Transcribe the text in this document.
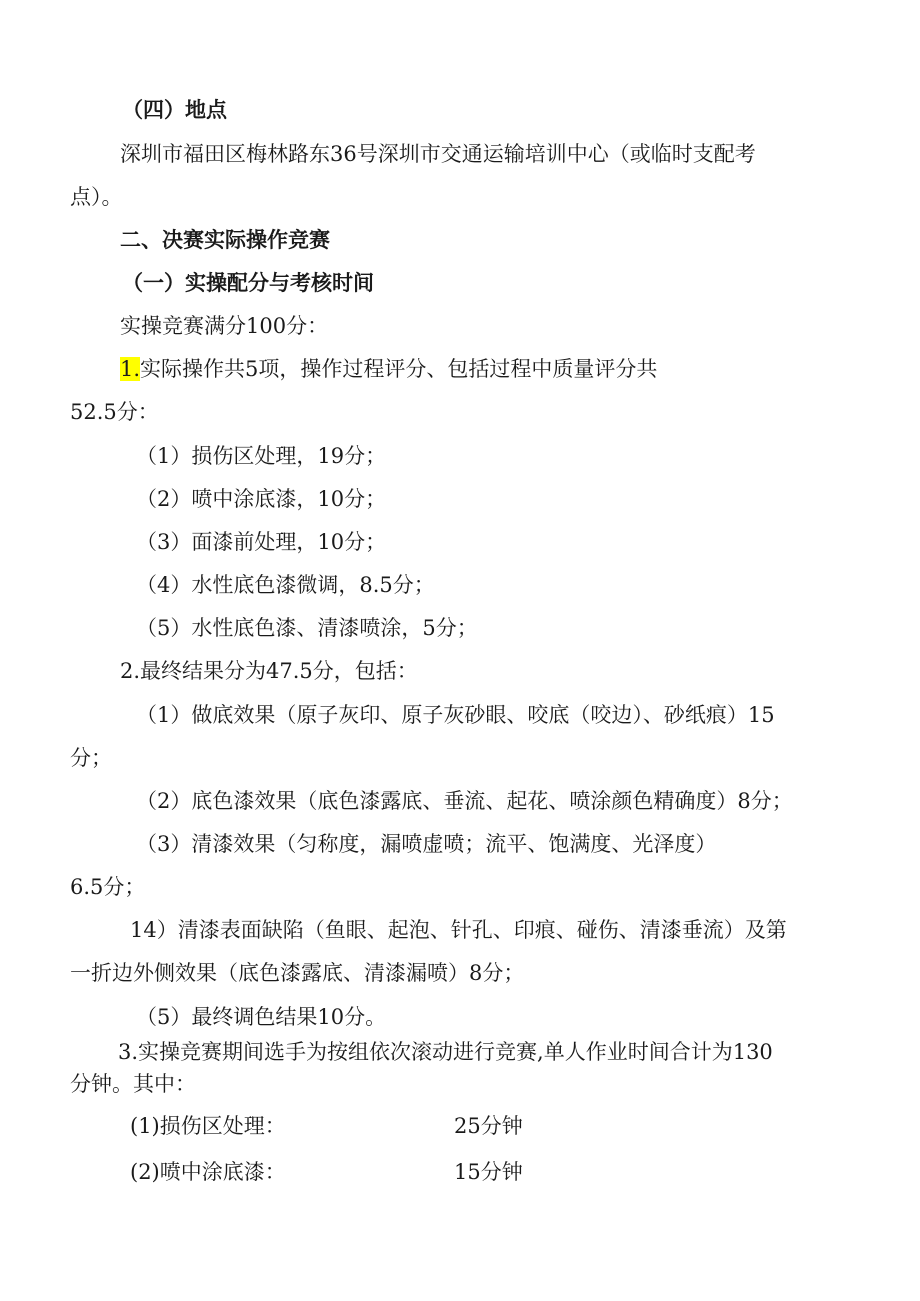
（四）地点
深圳市福田区梅林路东36号深圳市交通运输培训中心（或临时支配考
点）。
二、决赛实际操作竞赛
（一）实操配分与考核时间
实操竞赛满分100分：
1.实际操作共5项，操作过程评分、包括过程中质量评分共
52.5分：
（1）损伤区处理，19分；
（2）喷中涂底漆，10分；
（3）面漆前处理，10分；
（4）水性底色漆微调，8.5分；
（5）水性底色漆、清漆喷涂，5分；
2.最终结果分为47.5分，包括：
（1）做底效果（原子灰印、原子灰砂眼、咬底（咬边）、砂纸痕）15
分；
（2）底色漆效果（底色漆露底、垂流、起花、喷涂颜色精确度）8分；
（3）清漆效果（匀称度，漏喷虚喷；流平、饱满度、光泽度）
6.5分；
14）清漆表面缺陷（鱼眼、起泡、针孔、印痕、碰伤、清漆垂流）及第
一折边外侧效果（底色漆露底、清漆漏喷）8分；
（5）最终调色结果10分。
3.实操竞赛期间选手为按组依次滚动进行竞赛,单人作业时间合计为130
分钟。其中：
(1)损伤区处理：	25分钟
(2)喷中涂底漆：	15分钟
